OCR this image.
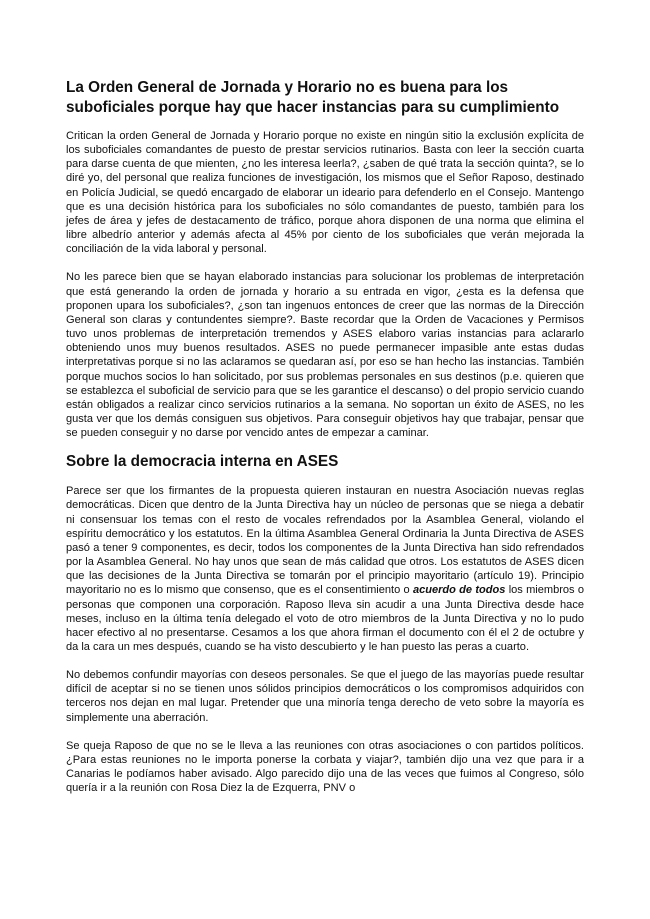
La Orden General de Jornada y Horario no es buena para los suboficiales porque hay que hacer instancias para su cumplimiento

Critican la orden General de Jornada y Horario porque no existe en ningún sitio la exclusión explícita de los suboficiales comandantes de puesto de prestar servicios rutinarios. Basta con leer la sección cuarta para darse cuenta de que mienten, ¿no les interesa leerla?, ¿saben de qué trata la sección quinta?, se lo diré yo, del personal que realiza funciones de investigación, los mismos que el Señor Raposo, destinado en Policía Judicial, se quedó encargado de elaborar un ideario para defenderlo en el Consejo. Mantengo que es una decisión histórica para los suboficiales no sólo comandantes de puesto, también para los jefes de área y jefes de destacamento de tráfico, porque ahora disponen de una norma que elimina el libre albedrío anterior y además afecta al 45% por ciento de los suboficiales que verán mejorada la conciliación de la vida laboral y personal.

No les parece bien que se hayan elaborado instancias para solucionar los problemas de interpretación que está generando la orden de jornada y horario a su entrada en vigor, ¿esta es la defensa que proponen upara los suboficiales?, ¿son tan ingenuos entonces de creer que las normas de la Dirección General son claras y contundentes siempre?. Baste recordar que la Orden de Vacaciones y Permisos tuvo unos problemas de interpretación tremendos y ASES elaboro varias instancias para aclararlo obteniendo unos muy buenos resultados. ASES no puede permanecer impasible ante estas dudas interpretativas porque si no las aclaramos se quedaran así, por eso se han hecho las instancias. También porque muchos socios lo han solicitado, por sus problemas personales en sus destinos (p.e. quieren que se establezca el suboficial de servicio para que se les garantice el descanso) o del propio servicio cuando están obligados a realizar cinco servicios rutinarios a la semana. No soportan un éxito de ASES, no les gusta ver que los demás consiguen sus objetivos. Para conseguir objetivos hay que trabajar, pensar que se pueden conseguir y no darse por vencido antes de empezar a caminar.

Sobre la democracia interna en ASES

Parece ser que los firmantes de la propuesta quieren instauran en nuestra Asociación nuevas reglas democráticas. Dicen que dentro de la Junta Directiva hay un núcleo de personas que se niega a debatir ni consensuar los temas con el resto de vocales refrendados por la Asamblea General, violando el espíritu democrático y los estatutos. En la última Asamblea General Ordinaria la Junta Directiva de ASES pasó a tener 9 componentes, es decir, todos los componentes de la Junta Directiva han sido refrendados por la Asamblea General. No hay unos que sean de más calidad que otros. Los estatutos de ASES dicen que las decisiones de la Junta Directiva se tomarán por el principio mayoritario (artículo 19). Principio mayoritario no es lo mismo que consenso, que es el consentimiento o acuerdo de todos los miembros o personas que componen una corporación. Raposo lleva sin acudir a una Junta Directiva desde hace meses, incluso en la última tenía delegado el voto de otro miembros de la Junta Directiva y no lo pudo hacer efectivo al no presentarse. Cesamos a los que ahora firman el documento con él el 2 de octubre y da la cara un mes después, cuando se ha visto descubierto y le han puesto las peras a cuarto.

No debemos confundir mayorías con deseos personales. Se que el juego de las mayorías puede resultar difícil de aceptar si no se tienen unos sólidos principios democráticos o los compromisos adquiridos con terceros nos dejan en mal lugar. Pretender que una minoría tenga derecho de veto sobre la mayoría es simplemente una aberración.

Se queja Raposo de que no se le lleva a las reuniones con otras asociaciones o con partidos políticos. ¿Para estas reuniones no le importa ponerse la corbata y viajar?, también dijo una vez que para ir a Canarias le podíamos haber avisado. Algo parecido dijo una de las veces que fuimos al Congreso, sólo quería ir a la reunión con Rosa Diez la de Ezquerra, PNV o
